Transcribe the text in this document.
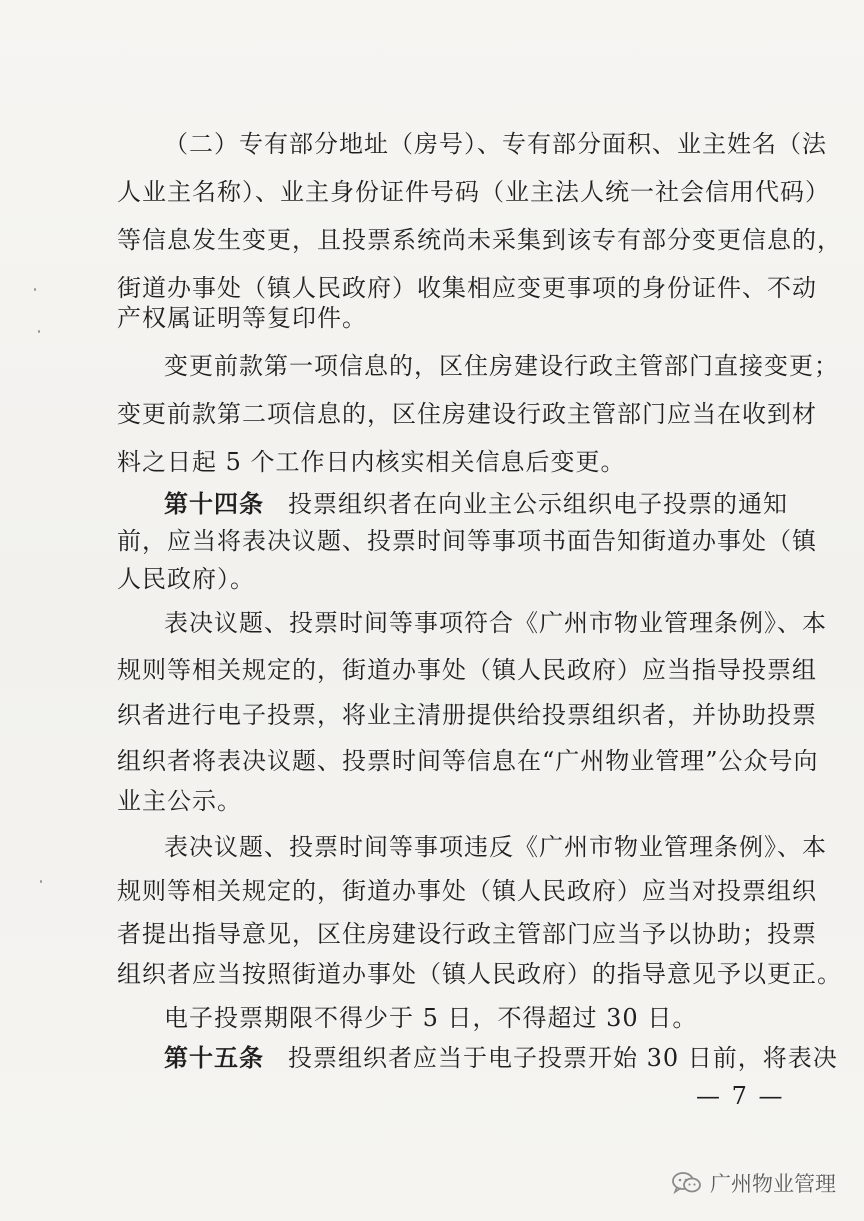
（二）专有部分地址（房号）、专有部分面积、业主姓名（法
人业主名称）、业主身份证件号码（业主法人统一社会信用代码）
等信息发生变更，且投票系统尚未采集到该专有部分变更信息的，
街道办事处（镇人民政府）收集相应变更事项的身份证件、不动
产权属证明等复印件。
变更前款第一项信息的，区住房建设行政主管部门直接变更；
变更前款第二项信息的，区住房建设行政主管部门应当在收到材
料之日起 5 个工作日内核实相关信息后变更。
第十四条 投票组织者在向业主公示组织电子投票的通知
前，应当将表决议题、投票时间等事项书面告知街道办事处（镇
人民政府）。
表决议题、投票时间等事项符合《广州市物业管理条例》、本
规则等相关规定的，街道办事处（镇人民政府）应当指导投票组
织者进行电子投票，将业主清册提供给投票组织者，并协助投票
组织者将表决议题、投票时间等信息在“广州物业管理”公众号向
业主公示。
表决议题、投票时间等事项违反《广州市物业管理条例》、本
规则等相关规定的，街道办事处（镇人民政府）应当对投票组织
者提出指导意见，区住房建设行政主管部门应当予以协助；投票
组织者应当按照街道办事处（镇人民政府）的指导意见予以更正。
电子投票期限不得少于 5 日，不得超过 30 日。
第十五条 投票组织者应当于电子投票开始 30 日前，将表决
— 7 —
广州物业管理
